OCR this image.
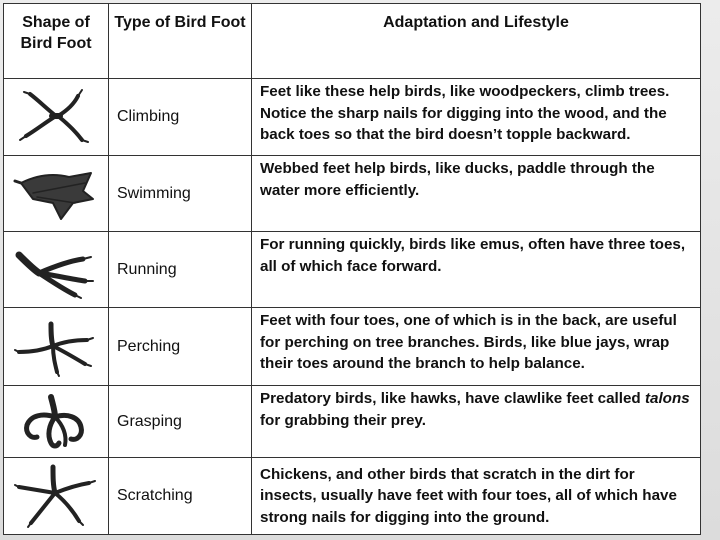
Shape of Bird Foot	Type of Bird Foot	Adaptation and Lifestyle

	Climbing	Feet like these help birds, like woodpeckers, climb trees. Notice the sharp nails for digging into the wood, and the back toes so that the bird doesn’t topple backward.

	Swimming	Webbed feet help birds, like ducks, paddle through the water more efficiently.

	Running	For running quickly, birds like emus, often have three toes, all of which face forward.

	Perching	Feet with four toes, one of which is in the back, are useful for perching on tree branches. Birds, like blue jays, wrap their toes around the branch to help balance.

	Grasping	Predatory birds, like hawks, have clawlike feet called talons for grabbing their prey.

	Scratching	Chickens, and other birds that scratch in the dirt for insects, usually have feet with four toes, all of which have strong nails for digging into the ground.
